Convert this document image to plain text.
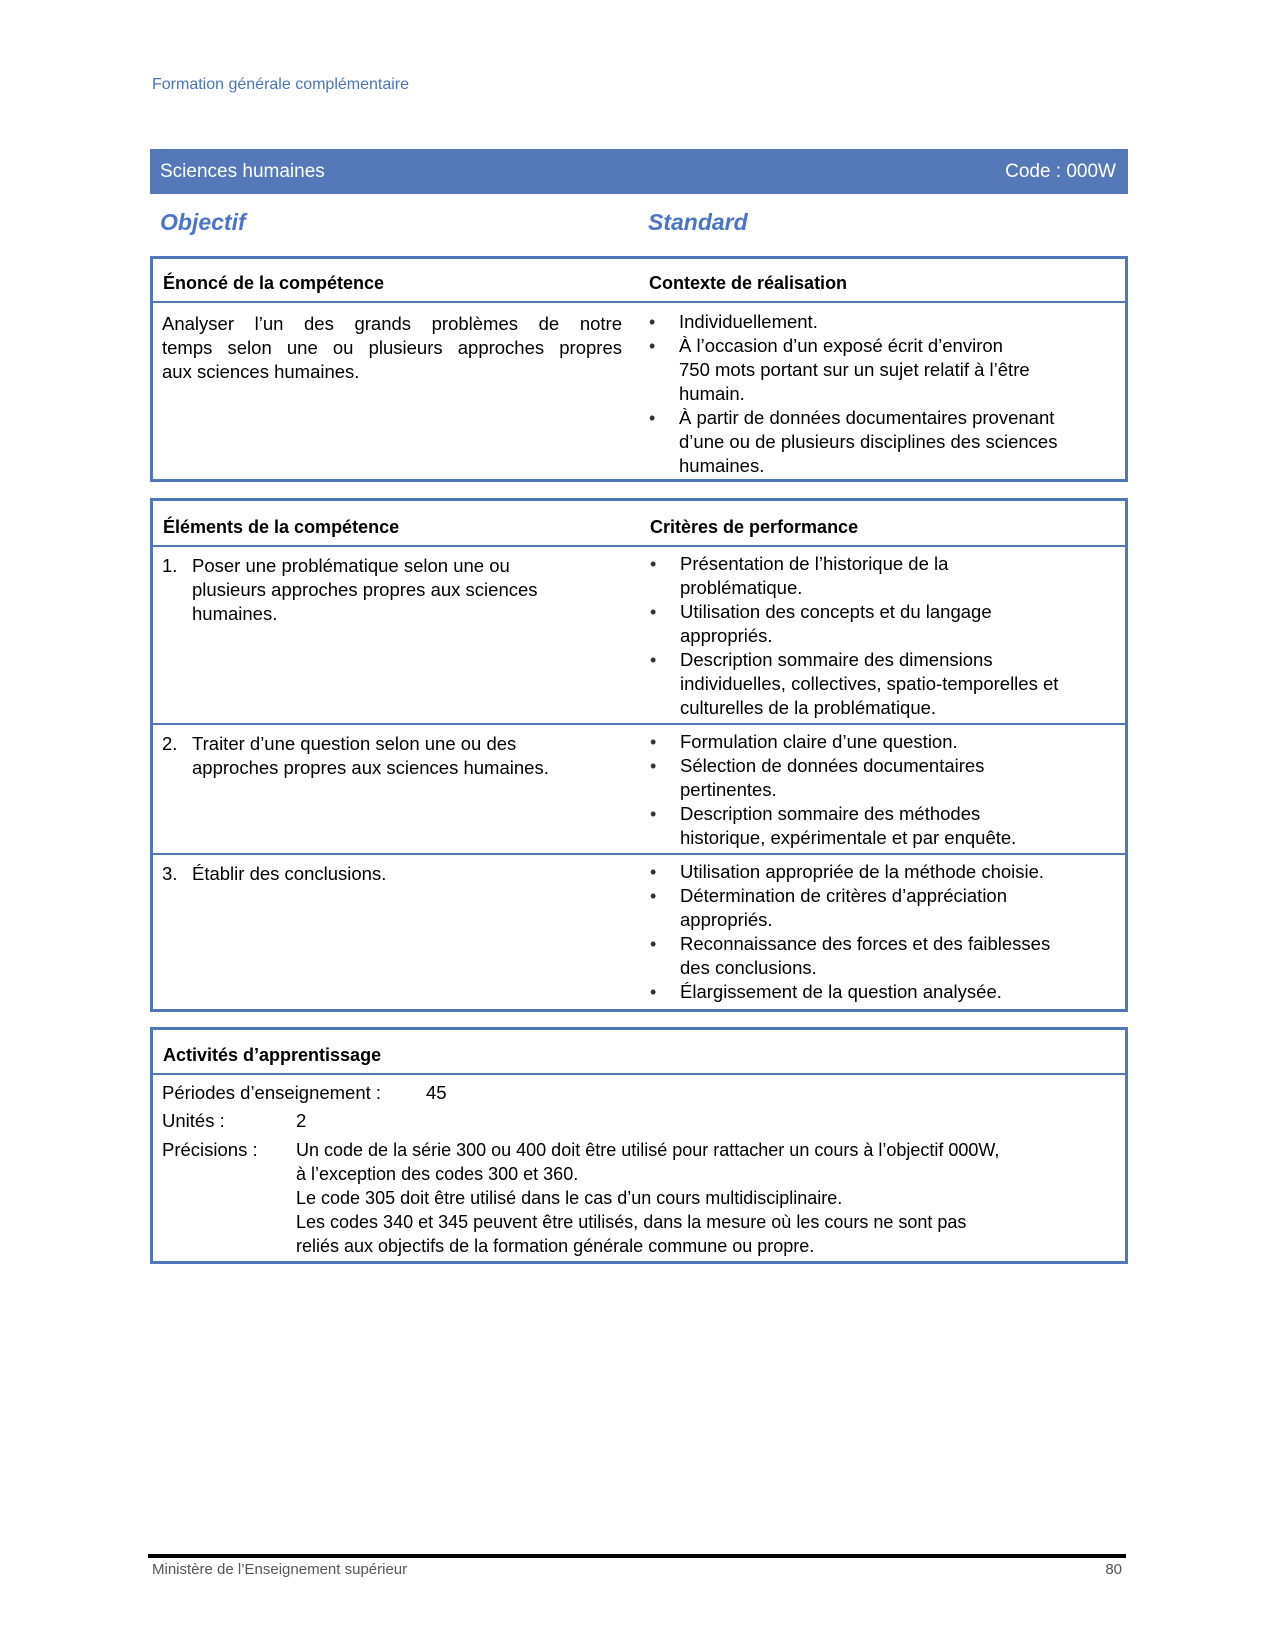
Formation générale complémentaire
Sciences humaines	Code : 000W
Objectif	Standard
Énoncé de la compétence	Contexte de réalisation
Analyser l’un des grands problèmes de notre
temps selon une ou plusieurs approches propres
aux sciences humaines.
• Individuellement.
• À l’occasion d’un exposé écrit d’environ
750 mots portant sur un sujet relatif à l’être
humain.
• À partir de données documentaires provenant
d’une ou de plusieurs disciplines des sciences
humaines.
Éléments de la compétence	Critères de performance
1. Poser une problématique selon une ou
plusieurs approches propres aux sciences
humaines.
• Présentation de l’historique de la
problématique.
• Utilisation des concepts et du langage
appropriés.
• Description sommaire des dimensions
individuelles, collectives, spatio-temporelles et
culturelles de la problématique.
2. Traiter d’une question selon une ou des
approches propres aux sciences humaines.
• Formulation claire d’une question.
• Sélection de données documentaires
pertinentes.
• Description sommaire des méthodes
historique, expérimentale et par enquête.
3. Établir des conclusions.
•	Utilisation appropriée de la méthode choisie.
• Détermination de critères d’appréciation
appropriés.
• Reconnaissance des forces et des faiblesses
des conclusions.
• Élargissement de la question analysée.
Activités d’apprentissage
Périodes d’enseignement : 45
Unités :	2
Précisions : Un code de la série 300 ou 400 doit être utilisé pour rattacher un cours à l’objectif 000W,
à l’exception des codes 300 et 360.
Le code 305 doit être utilisé dans le cas d’un cours multidisciplinaire.
Les codes 340 et 345 peuvent être utilisés, dans la mesure où les cours ne sont pas
reliés aux objectifs de la formation générale commune ou propre.
Ministère de l’Enseignement supérieur	80
